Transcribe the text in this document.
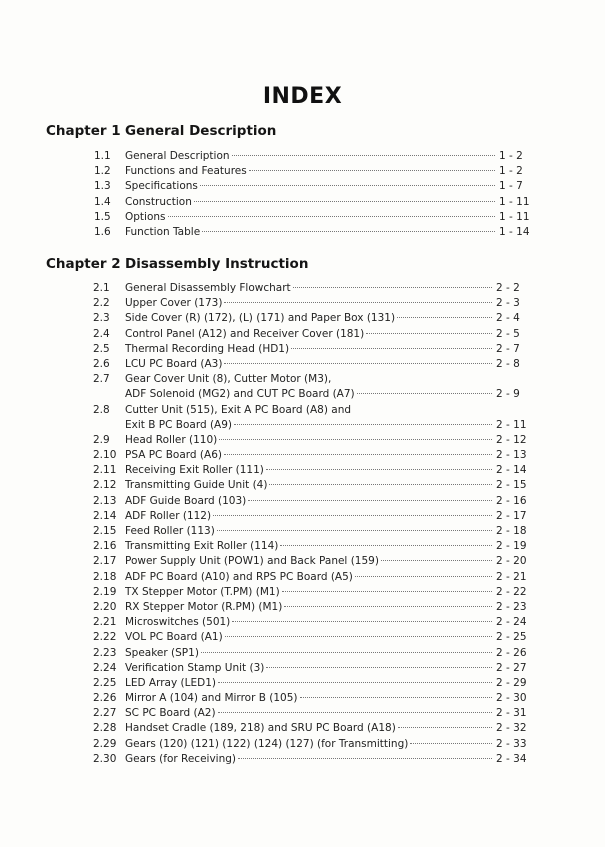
INDEX
Chapter 1 General Description
1.1 General Description	1 - 2
1.2 Functions and Features	1 - 2
1.3 Specifications	1 - 7
1.4 Construction	1 - 11
1.5 Options	1 - 11
1.6 Function Table	1 - 14
Chapter 2 Disassembly Instruction
2.1 General Disassembly Flowchart	2 - 2
2.2 Upper Cover (173)	2 - 3
2.3 Side Cover (R) (172), (L) (171) and Paper Box (131)	2 - 4
2.4 Control Panel (A12) and Receiver Cover (181)	2 - 5
2.5 Thermal Recording Head (HD1)	2 - 7
2.6 LCU PC Board (A3)	2 - 8
2.7 Gear Cover Unit (8), Cutter Motor (M3),
ADF Solenoid (MG2) and CUT PC Board (A7)	2 - 9
2.8 Cutter Unit (515), Exit A PC Board (A8) and
Exit B PC Board (A9)	2 - 11
2.9 Head Roller (110)	2 - 12
2.10 PSA PC Board (A6)	2 - 13
2.11 Receiving Exit Roller (111)	2 - 14
2.12 Transmitting Guide Unit (4)	2 - 15
2.13 ADF Guide Board (103)	2 - 16
2.14 ADF Roller (112)	2 - 17
2.15 Feed Roller (113)	2 - 18
2.16 Transmitting Exit Roller (114)	2 - 19
2.17 Power Supply Unit (POW1) and Back Panel (159)	2 - 20
2.18 ADF PC Board (A10) and RPS PC Board (A5)	2 - 21
2.19 TX Stepper Motor (T.PM) (M1)	2 - 22
2.20 RX Stepper Motor (R.PM) (M1)	2 - 23
2.21 Microswitches (501)	2 - 24
2.22 VOL PC Board (A1)	2 - 25
2.23 Speaker (SP1)	2 - 26
2.24 Verification Stamp Unit (3)	2 - 27
2.25 LED Array (LED1)	2 - 29
2.26 Mirror A (104) and Mirror B (105)	2 - 30
2.27 SC PC Board (A2)	2 - 31
2.28 Handset Cradle (189, 218) and SRU PC Board (A18)	2 - 32
2.29 Gears (120) (121) (122) (124) (127) (for Transmitting)	2 - 33
2.30 Gears (for Receiving)	2 - 34
